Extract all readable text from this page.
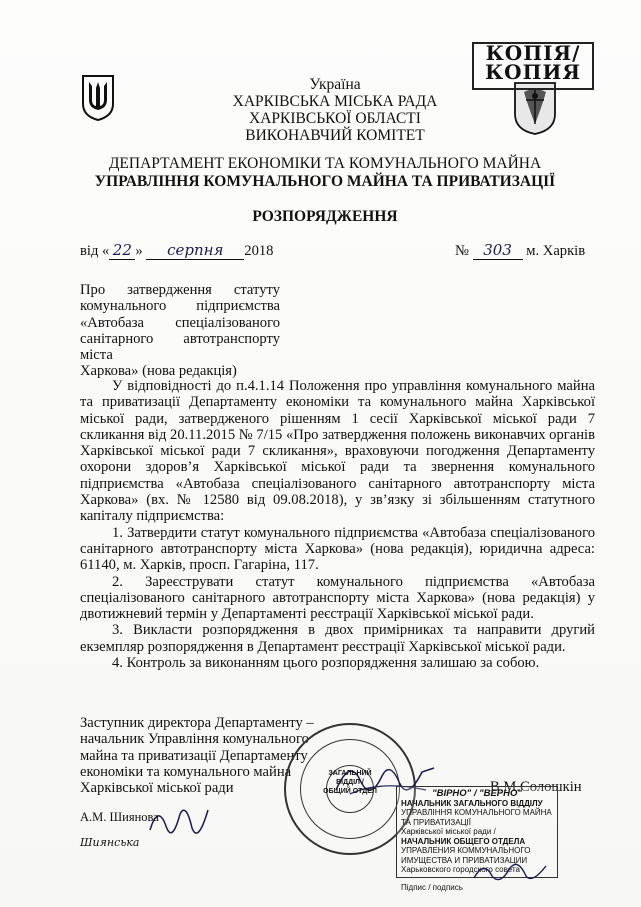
КОПІЯ/
КОПИЯ
Україна
ХАРКІВСЬКА МІСЬКА РАДА
ХАРКІВСЬКОЇ ОБЛАСТІ
ВИКОНАВЧИЙ КОМІТЕТ
ДЕПАРТАМЕНТ ЕКОНОМІКИ ТА КОМУНАЛЬНОГО МАЙНА
УПРАВЛІННЯ КОМУНАЛЬНОГО МАЙНА ТА ПРИВАТИЗАЦІЇ
РОЗПОРЯДЖЕННЯ
від « 22 » серпня 2018	№ 303 м. Харків

Про затвердження статуту

комунального підприємства

«Автобаза спеціалізованого

санітарного автотранспорту міста

Харкова» (нова редакція)

У відповідності до п.4.1.14 Положення про управління комунального майна та приватизації Департаменту економіки та комунального майна Харківської міської ради, затвердженого рішенням 1 сесії Харківської міської ради 7 скликання від 20.11.2015 № 7/15 «Про затвердження положень виконавчих органів Харківської міської ради 7 скликання», враховуючи погодження Департаменту охорони здоров’я Харківської міської ради та звернення комунального підприємства «Автобаза спеціалізованого санітарного автотранспорту міста Харкова» (вх. № 12580 від 09.08.2018), у зв’язку зі збільшенням статутного капіталу підприємства:

1. Затвердити статут комунального підприємства «Автобаза спеціалізованого санітарного автотранспорту міста Харкова» (нова редакція), юридична адреса: 61140, м. Харків, просп. Гагаріна, 117.

2. Зареєструвати статут комунального підприємства «Автобаза спеціалізованого санітарного автотранспорту міста Харкова» (нова редакція) у двотижневий термін у Департаменті реєстрації Харківської міської ради.

3. Викласти розпорядження в двох примірниках та направити другий екземпляр розпорядження в Департамент реєстрації Харківської міської ради.

4. Контроль за виконанням цього розпорядження залишаю за собою.

Заступник директора Департаменту –
начальник Управління комунального
майна та приватизації Департаменту
економіки та комунального майна
Харківської міської ради	В.М.Солошкін
ЗАГАЛЬНИЙ
ВІДДІЛ /
ОБЩИЙ ОТДЕЛ
А.М. Шиянова
Шиянська
"ВІРНО" / "ВЕРНО"
НАЧАЛЬНИК ЗАГАЛЬНОГО ВІДДІЛУ
УПРАВЛІННЯ КОМУНАЛЬНОГО МАЙНА ТА ПРИВАТИЗАЦІЇ
Харківської міської ради /
НАЧАЛЬНИК ОБЩЕГО ОТДЕЛА
УПРАВЛЕНИЯ КОММУНАЛЬНОГО ИМУЩЕСТВА И ПРИВАТИЗАЦИИ
Харьковского городского совета
Підпис / подпись
